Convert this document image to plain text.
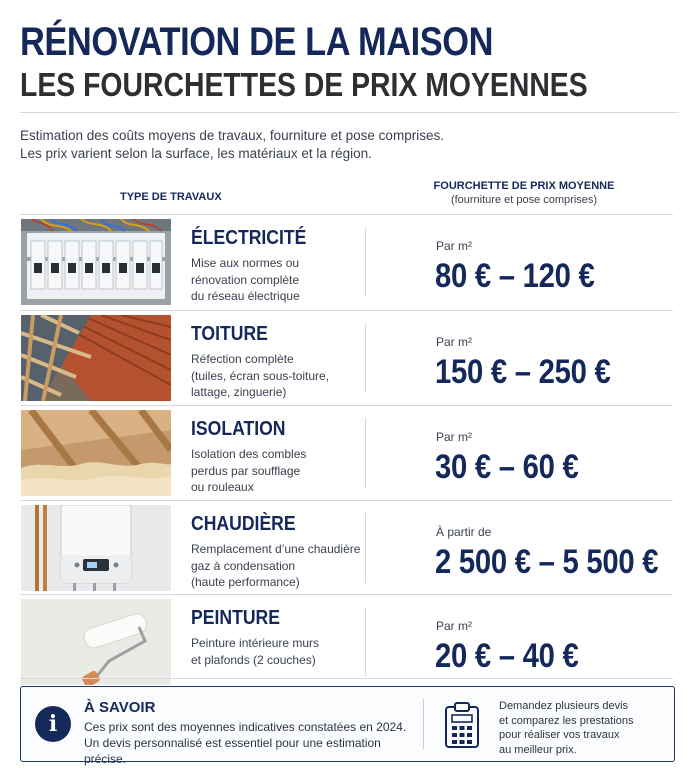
RÉNOVATION DE LA MAISON
LES FOURCHETTES DE PRIX MOYENNES
Estimation des coûts moyens de travaux, fourniture et pose comprises.
Les prix varient selon la surface, les matériaux et la région.
TYPE DE TRAVAUX
FOURCHETTE DE PRIX MOYENNE
(fourniture et pose comprises)
ÉLECTRICITÉ
Mise aux normes ou
rénovation complète
du réseau électrique
Par m²
80 € – 120 €
TOITURE
Réfection complète
(tuiles, écran sous-toiture,
lattage, zinguerie)
Par m²
150 € – 250 €
ISOLATION
Isolation des combles
perdus par soufflage
ou rouleaux
Par m²
30 € – 60 €
CHAUDIÈRE
Remplacement d’une chaudière
gaz à condensation
(haute performance)
À partir de
2 500 € – 5 500 €
PEINTURE
Peinture intérieure murs
et plafonds (2 couches)
Par m²
20 € – 40 €
i
À SAVOIR
Ces prix sont des moyennes indicatives constatées en 2024.
Un devis personnalisé est essentiel pour une estimation précise.
Demandez plusieurs devis
et comparez les prestations
pour réaliser vos travaux
au meilleur prix.
